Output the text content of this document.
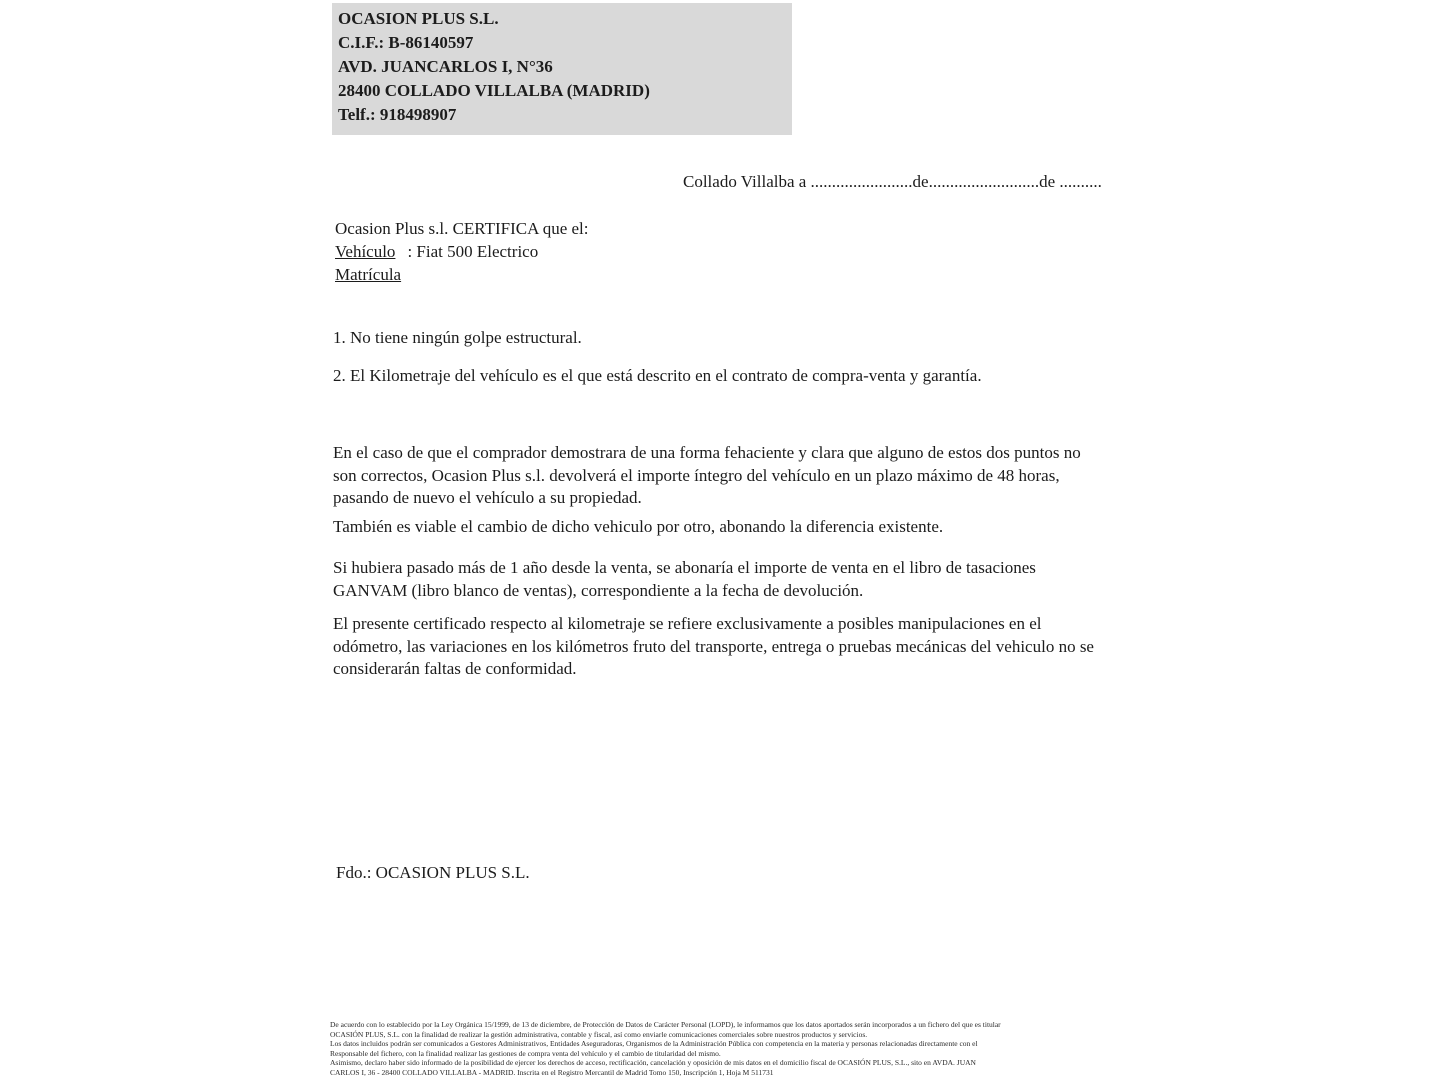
OCASION PLUS S.L.
C.I.F.: B-86140597
AVD. JUANCARLOS I, N°36
28400 COLLADO VILLALBA (MADRID)
Telf.: 918498907
Collado Villalba a ........................de..........................de ..........
Ocasion Plus s.l. CERTIFICA que el:
Vehículo : Fiat 500 Electrico
Matrícula
1. No tiene ningún golpe estructural.
2. El Kilometraje del vehículo es el que está descrito en el contrato de compra-venta y garantía.
En el caso de que el comprador demostrara de una forma fehaciente y clara que alguno de estos dos puntos no son correctos, Ocasion Plus s.l. devolverá el importe íntegro del vehículo en un plazo máximo de 48 horas, pasando de nuevo el vehículo a su propiedad.
También es viable el cambio de dicho vehiculo por otro, abonando la diferencia existente.
Si hubiera pasado más de 1 año desde la venta, se abonaría el importe de venta en el libro de tasaciones GANVAM (libro blanco de ventas), correspondiente a la fecha de devolución.
El presente certificado respecto al kilometraje se refiere exclusivamente a posibles manipulaciones en el odómetro, las variaciones en los kilómetros fruto del transporte, entrega o pruebas mecánicas del vehiculo no se considerarán faltas de conformidad.
Fdo.: OCASION PLUS S.L.
De acuerdo con lo establecido por la Ley Orgánica 15/1999, de 13 de diciembre, de Protección de Datos de Carácter Personal (LOPD), le informamos que los datos aportados serán incorporados a un fichero del que es titular
OCASIÓN PLUS, S.L. con la finalidad de realizar la gestión administrativa, contable y fiscal, así como enviarle comunicaciones comerciales sobre nuestros productos y servicios.
Los datos incluidos podrán ser comunicados a Gestores Administrativos, Entidades Aseguradoras, Organismos de la Administración Pública con competencia en la materia y personas relacionadas directamente con el
Responsable del fichero, con la finalidad realizar las gestiones de compra venta del vehículo y el cambio de titularidad del mismo.
Asimismo, declaro haber sido informado de la posibilidad de ejercer los derechos de acceso, rectificación, cancelación y oposición de mis datos en el domicilio fiscal de OCASIÓN PLUS, S.L., sito en AVDA. JUAN
CARLOS I, 36 - 28400 COLLADO VILLALBA - MADRID. Inscrita en el Registro Mercantil de Madrid Tomo 150, Inscripción 1, Hoja M 511731
